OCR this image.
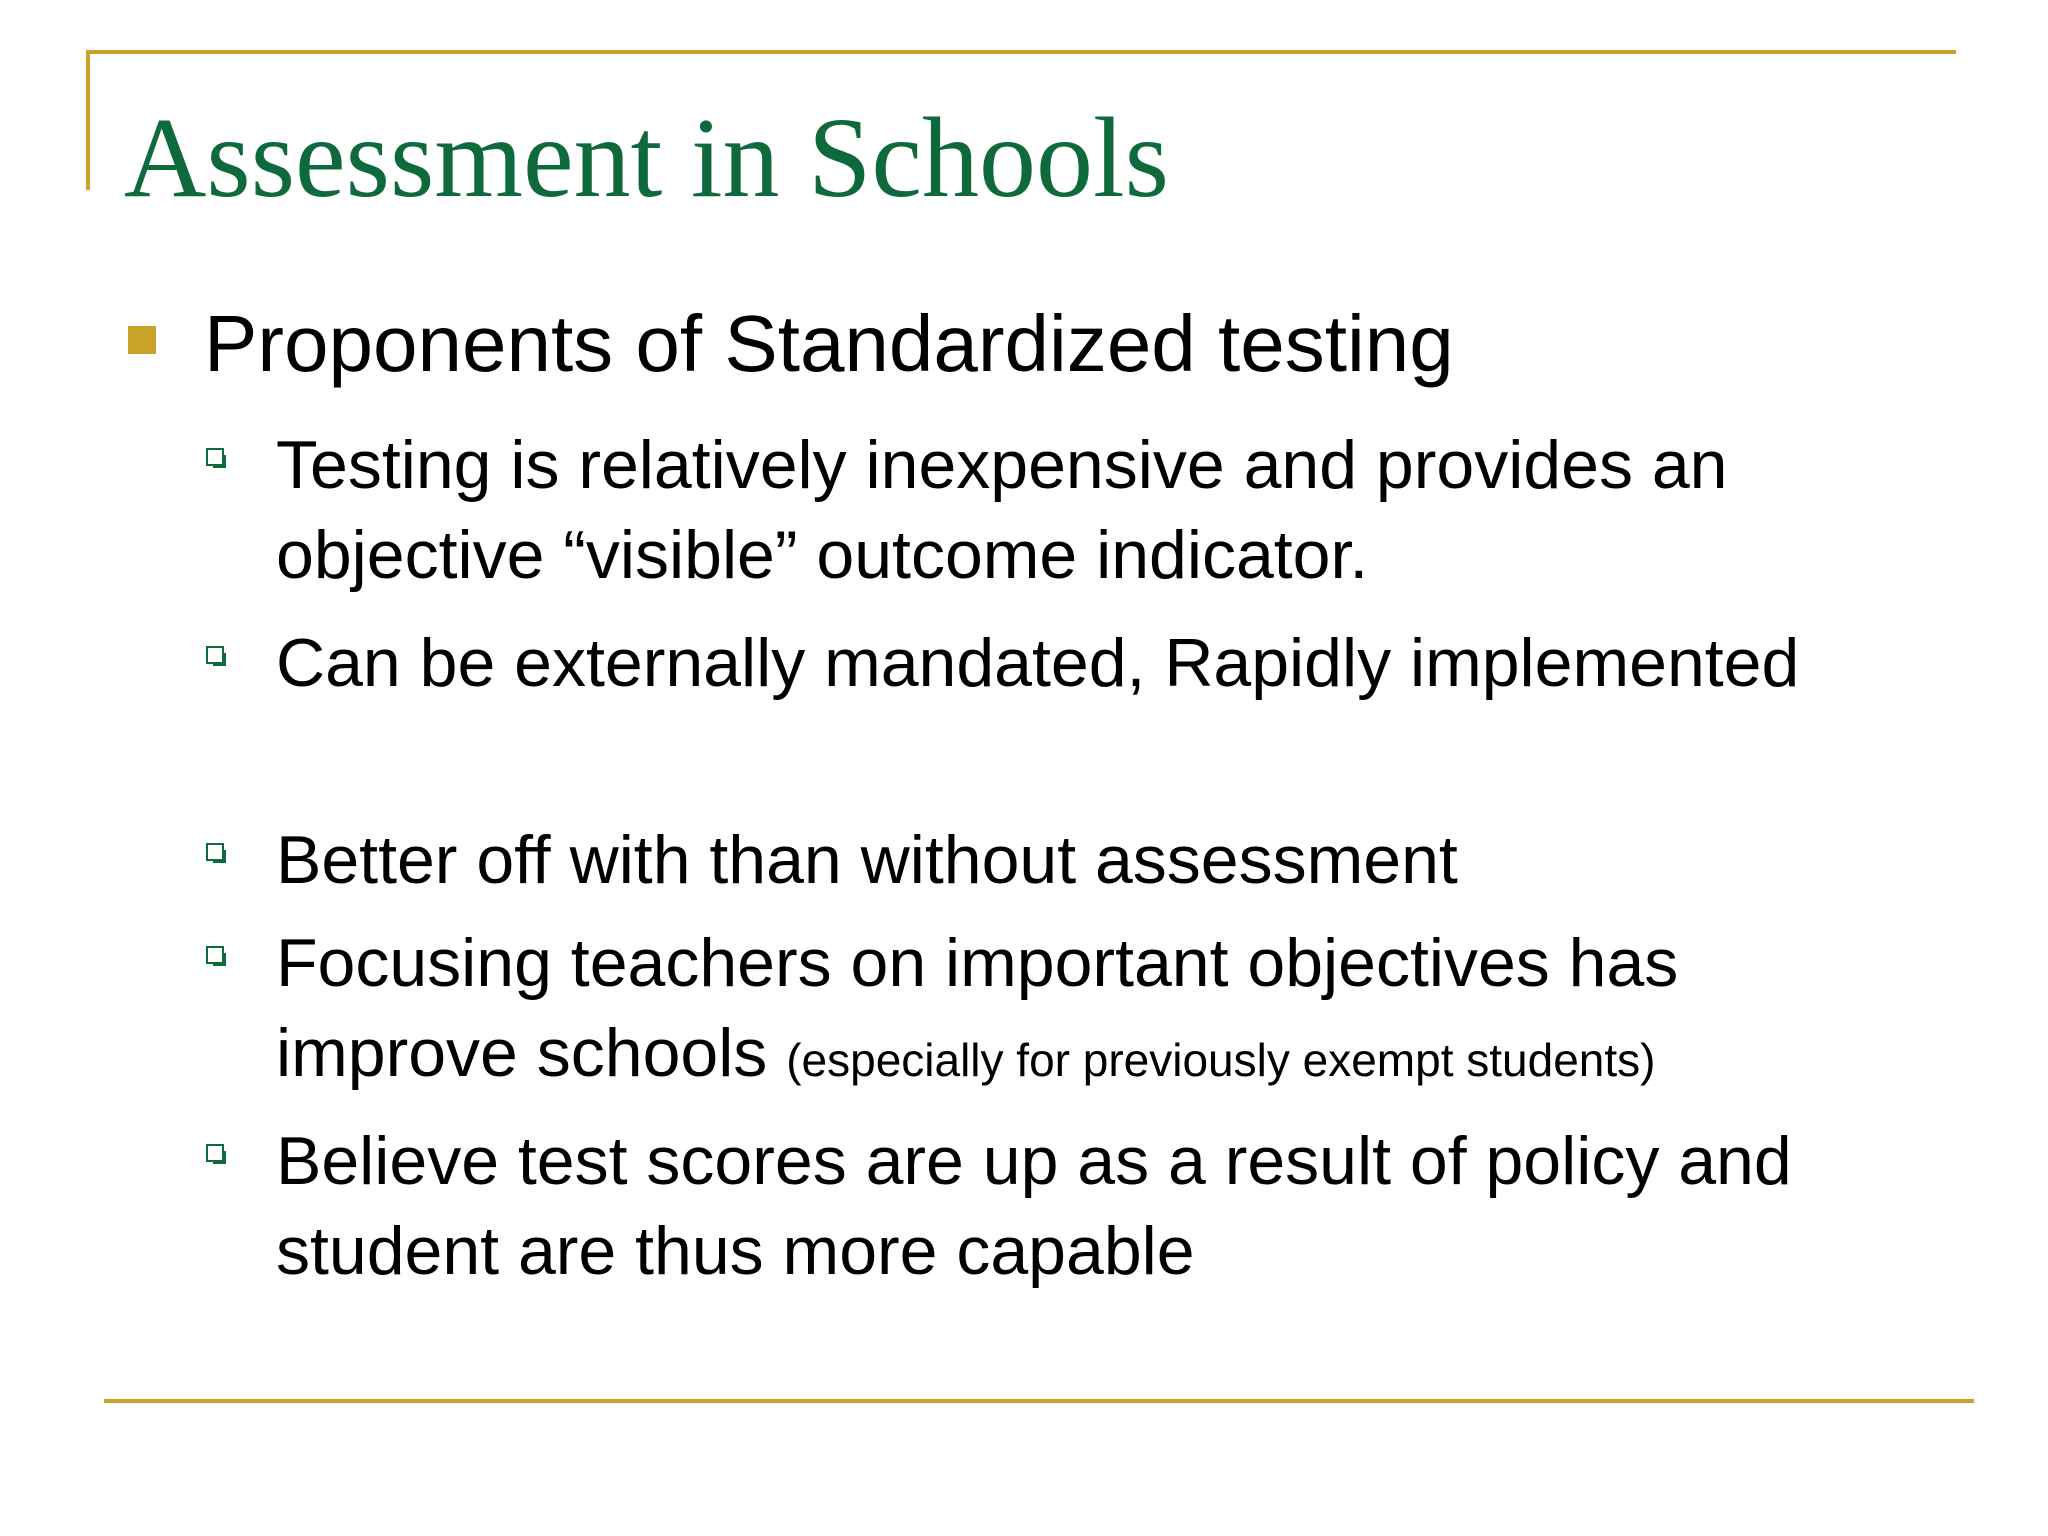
Assessment in Schools
Proponents of Standardized testing
Testing is relatively inexpensive and provides an objective “visible” outcome indicator.
Can be externally mandated, Rapidly implemented
Better off with than without assessment
Focusing teachers on important objectives has improve schools (especially for previously exempt students)
Believe test scores are up as a result of policy and student are thus more capable
